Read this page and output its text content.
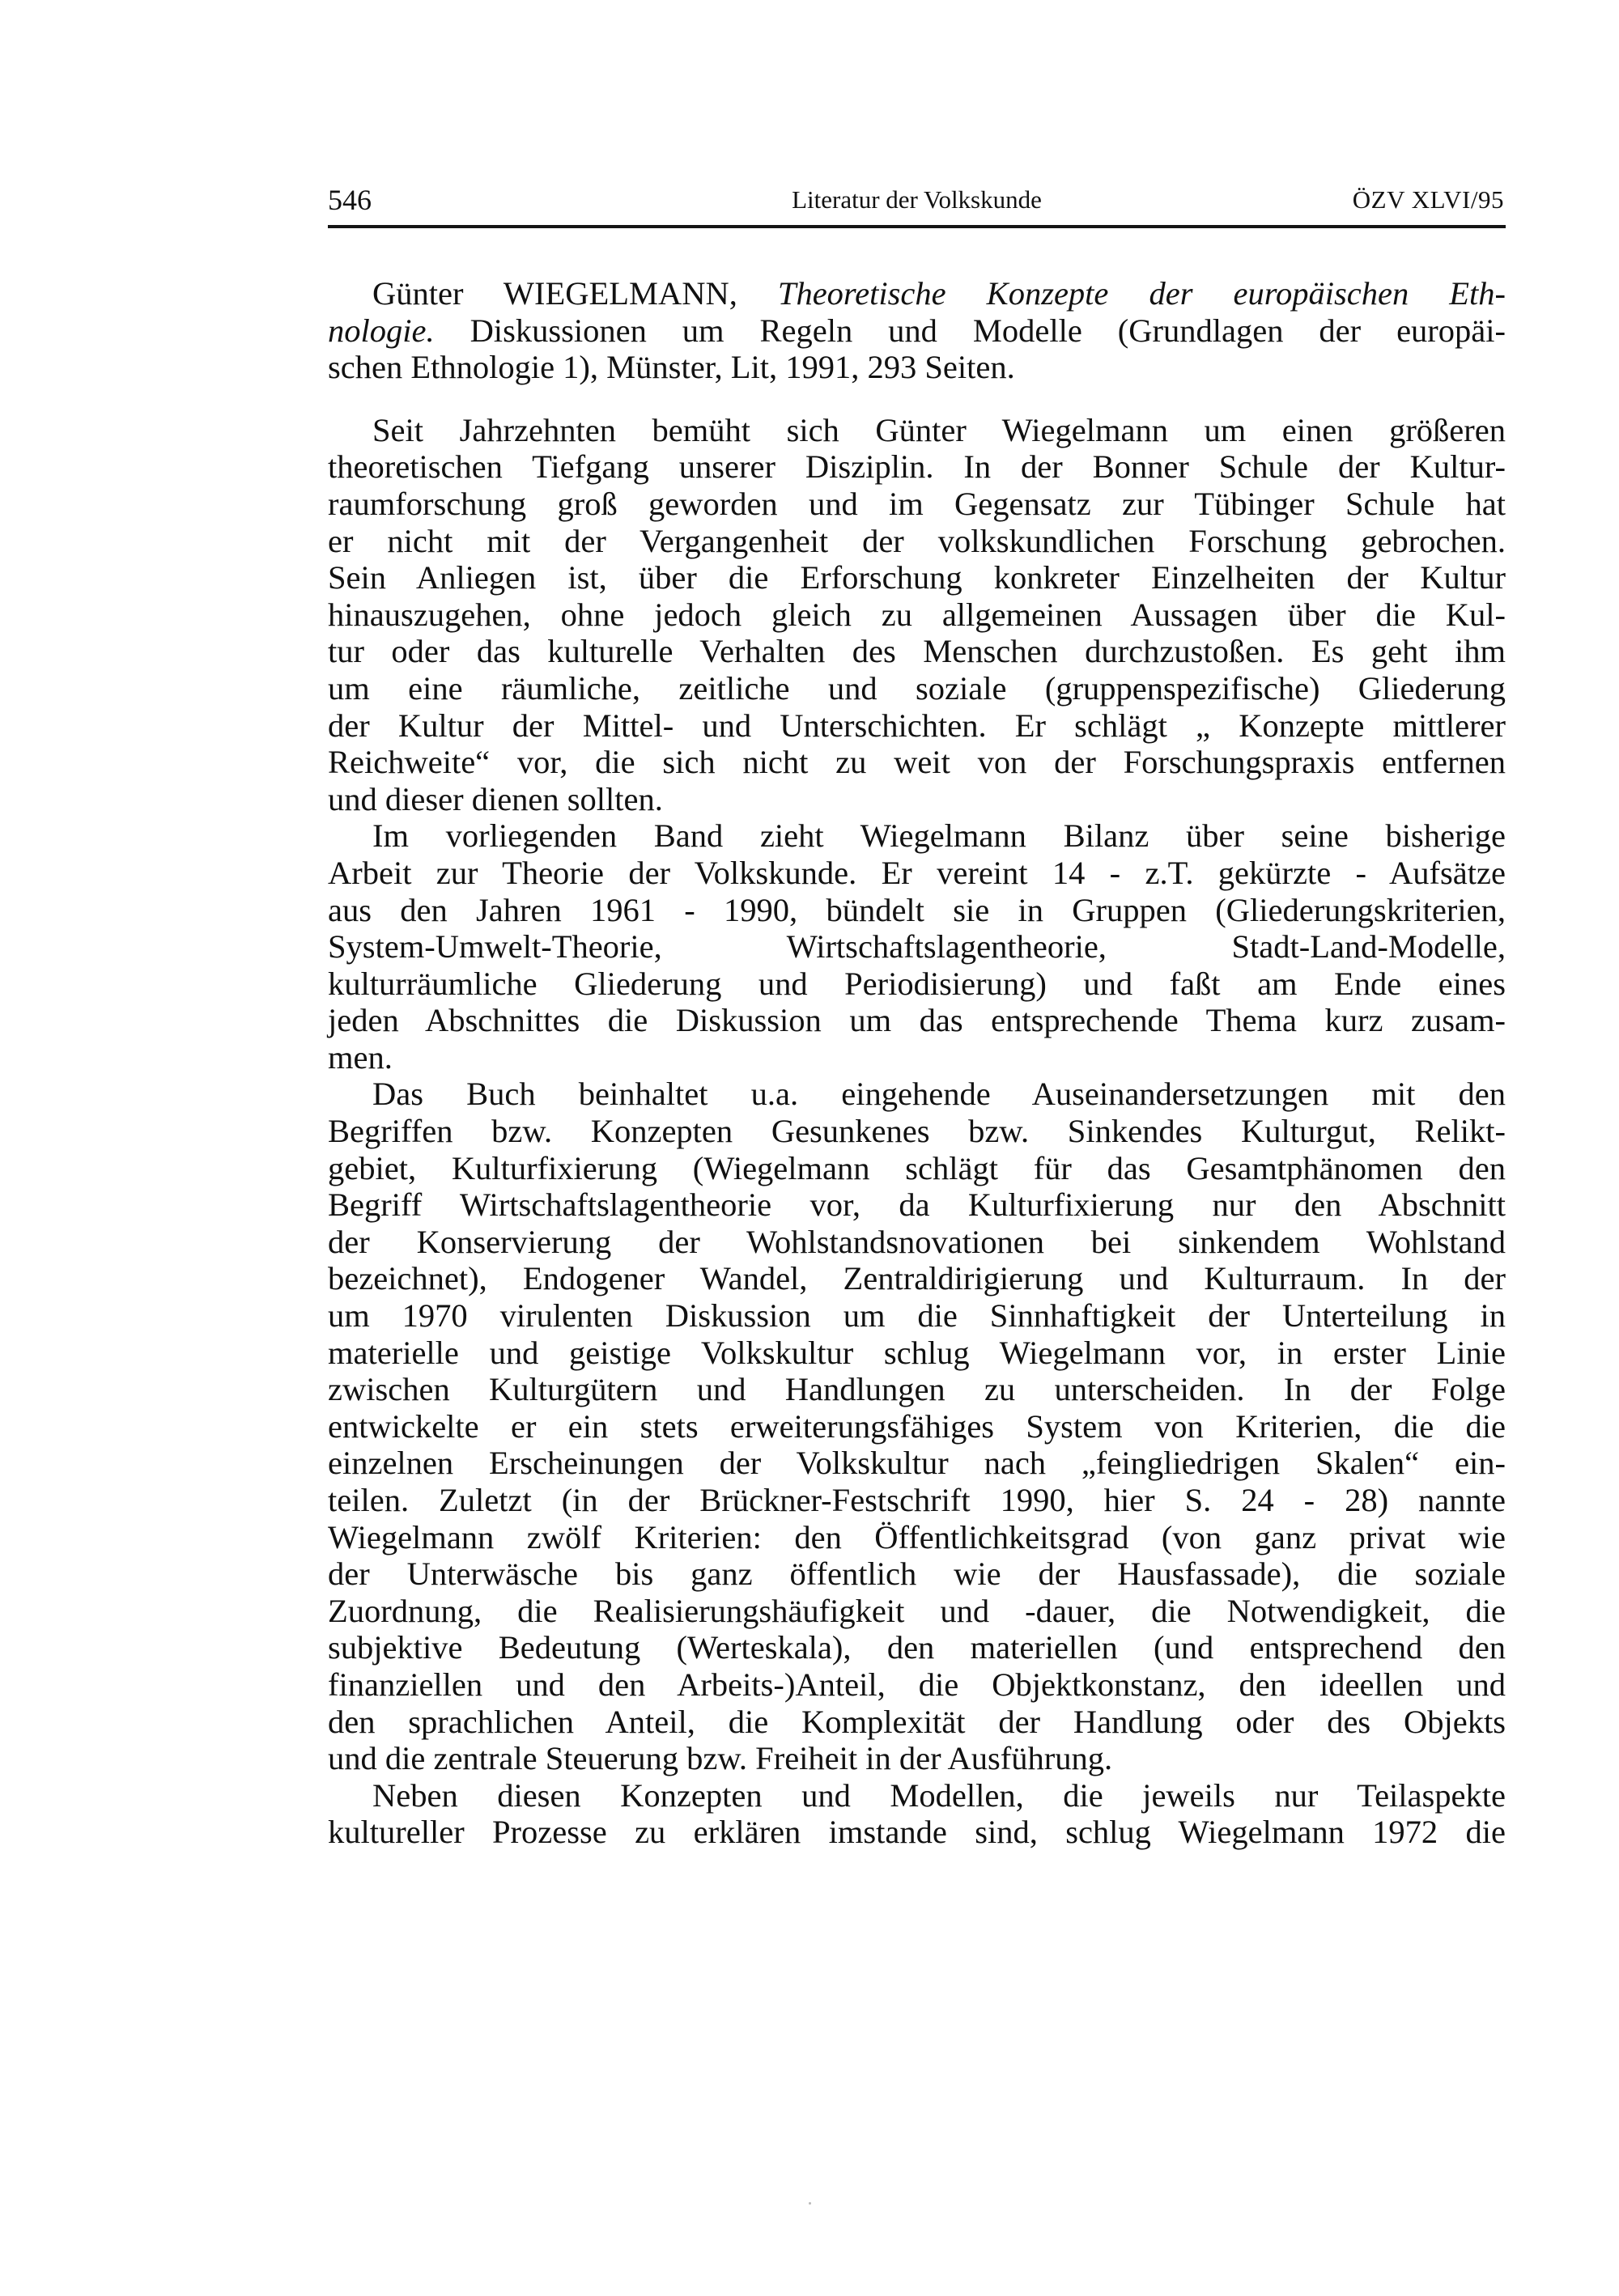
546	Literatur der Volkskunde	ÖZV XLVI/95
Günter WIEGELMANN, Theoretische Konzepte der europäischen Eth-
nologie. Diskussionen um Regeln und Modelle (Grundlagen der europäi-
schen Ethnologie 1), Münster, Lit, 1991, 293 Seiten.
Seit Jahrzehnten bemüht sich Günter Wiegelmann um einen größeren
theoretischen Tiefgang unserer Disziplin. In der Bonner Schule der Kultur-
raumforschung groß geworden und im Gegensatz zur Tübinger Schule hat
er nicht mit der Vergangenheit der volkskundlichen Forschung gebrochen.
Sein Anliegen ist, über die Erforschung konkreter Einzelheiten der Kultur
hinauszugehen, ohne jedoch gleich zu allgemeinen Aussagen über die Kul-
tur oder das kulturelle Verhalten des Menschen durchzustoßen. Es geht ihm
um eine räumliche, zeitliche und soziale (gruppenspezifische) Gliederung
der Kultur der Mittel- und Unterschichten. Er schlägt „ Konzepte mittlerer
Reichweite“ vor, die sich nicht zu weit von der Forschungspraxis entfernen
und dieser dienen sollten.
Im vorliegenden Band zieht Wiegelmann Bilanz über seine bisherige
Arbeit zur Theorie der Volkskunde. Er vereint 14 - z.T. gekürzte - Aufsätze
aus den Jahren 1961 - 1990, bündelt sie in Gruppen (Gliederungskriterien,
System-Umwelt-Theorie, Wirtschaftslagentheorie, Stadt-Land-Modelle,
kulturräumliche Gliederung und Periodisierung) und faßt am Ende eines
jeden Abschnittes die Diskussion um das entsprechende Thema kurz zusam-
men.
Das Buch beinhaltet u.a. eingehende Auseinandersetzungen mit den
Begriffen bzw. Konzepten Gesunkenes bzw. Sinkendes Kulturgut, Relikt-
gebiet, Kulturfixierung (Wiegelmann schlägt für das Gesamtphänomen den
Begriff Wirtschaftslagentheorie vor, da Kulturfixierung nur den Abschnitt
der Konservierung der Wohlstandsnovationen bei sinkendem Wohlstand
bezeichnet), Endogener Wandel, Zentraldirigierung und Kulturraum. In der
um 1970 virulenten Diskussion um die Sinnhaftigkeit der Unterteilung in
materielle und geistige Volkskultur schlug Wiegelmann vor, in erster Linie
zwischen Kulturgütern und Handlungen zu unterscheiden. In der Folge
entwickelte er ein stets erweiterungsfähiges System von Kriterien, die die
einzelnen Erscheinungen der Volkskultur nach „feingliedrigen Skalen“ ein-
teilen. Zuletzt (in der Brückner-Festschrift 1990, hier S. 24 - 28) nannte
Wiegelmann zwölf Kriterien: den Öffentlichkeitsgrad (von ganz privat wie
der Unterwäsche bis ganz öffentlich wie der Hausfassade), die soziale
Zuordnung, die Realisierungshäufigkeit und -dauer, die Notwendigkeit, die
subjektive Bedeutung (Werteskala), den materiellen (und entsprechend den
finanziellen und den Arbeits-)Anteil, die Objektkonstanz, den ideellen und
den sprachlichen Anteil, die Komplexität der Handlung oder des Objekts
und die zentrale Steuerung bzw. Freiheit in der Ausführung.
Neben diesen Konzepten und Modellen, die jeweils nur Teilaspekte
kultureller Prozesse zu erklären imstande sind, schlug Wiegelmann 1972 die
